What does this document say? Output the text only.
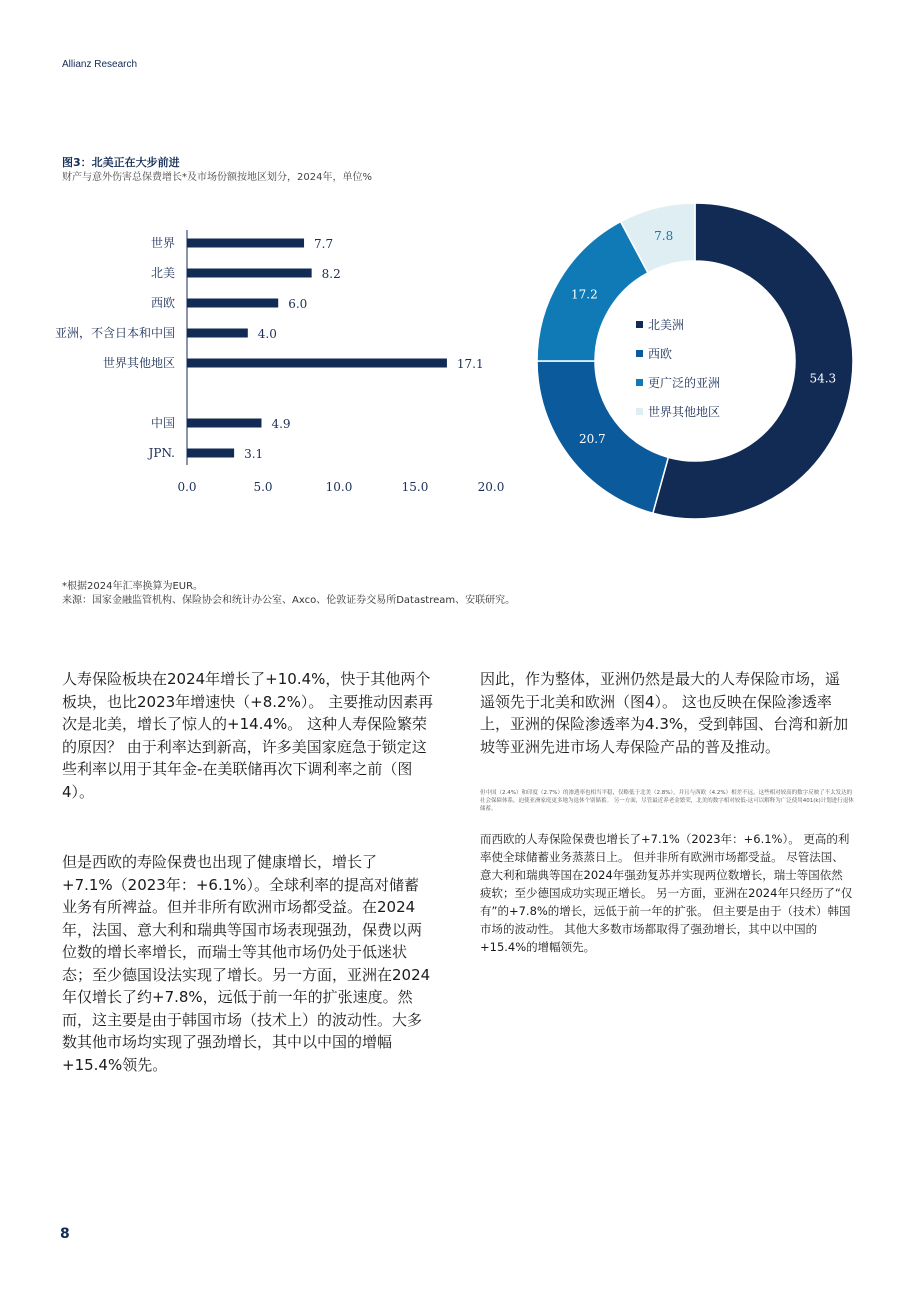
Allianz Research
图3：北美正在大步前进
财产与意外伤害总保费增长*及市场份额按地区划分，2024年，单位%
世界	7.7
北美	8.2
西欧	6.0
亚洲，不含日本和中国	4.0
世界其他地区	17.1
中国	4.9
JPN.	3.1
0.0	5.0	10.0	15.0	20.0
54.3
20.7
17.2
7.8
北美洲
西欧
更广泛的亚洲
世界其他地区
*根据2024年汇率换算为EUR。
来源：国家金融监管机构、保险协会和统计办公室、Axco、伦敦证券交易所Datastream、安联研究。
人寿保险板块在2024年增长了+10.4%，快于其他两个板块，也比2023年增速快（+8.2%）。 主要推动因素再次是北美，增长了惊人的+14.4%。 这种人寿保险繁荣的原因？ 由于利率达到新高，许多美国家庭急于锁定这些利率以用于其年金-在美联储再次下调利率之前（图4）。
但是西欧的寿险保费也出现了健康增长，增长了+7.1%（2023年：+6.1%）。全球利率的提高对储蓄业务有所裨益。但并非所有欧洲市场都受益。在2024年，法国、意大利和瑞典等国市场表现强劲，保费以两位数的增长率增长，而瑞士等其他市场仍处于低迷状态；至少德国设法实现了增长。另一方面，亚洲在2024年仅增长了约+7.8%，远低于前一年的扩张速度。然而，这主要是由于韩国市场（技术上）的波动性。大多数其他市场均实现了强劲增长，其中以中国的增幅+15.4%领先。
因此，作为整体，亚洲仍然是最大的人寿保险市场，遥遥领先于北美和欧洲（图4）。 这也反映在保险渗透率上，亚洲的保险渗透率为4.3%，受到韩国、台湾和新加坡等亚洲先进市场人寿保险产品的普及推动。
但中国（2.4%）和印度（2.7%）的渗透率也相当平稳，仅略低于北美（2.8%），并且与西欧（4.2%）相差不远。这些相对较高的数字反映了不太发达的社会保障体系，迫使亚洲家庭更多地为退休个别储蓄。 另一方面，尽管最近养老金繁荣，北美的数字相对较低-这可以解释为广泛使用401(k)计划进行退休储蓄。
而西欧的人寿保险保费也增长了+7.1%（2023年：+6.1%）。 更高的利率使全球储蓄业务蒸蒸日上。 但并非所有欧洲市场都受益。 尽管法国、意大利和瑞典等国在2024年强劲复苏并实现两位数增长，瑞士等国依然疲软；至少德国成功实现正增长。 另一方面，亚洲在2024年只经历了“仅有”的+7.8%的增长，远低于前一年的扩张。 但主要是由于（技术）韩国市场的波动性。 其他大多数市场都取得了强劲增长，其中以中国的+15.4%的增幅领先。
8
